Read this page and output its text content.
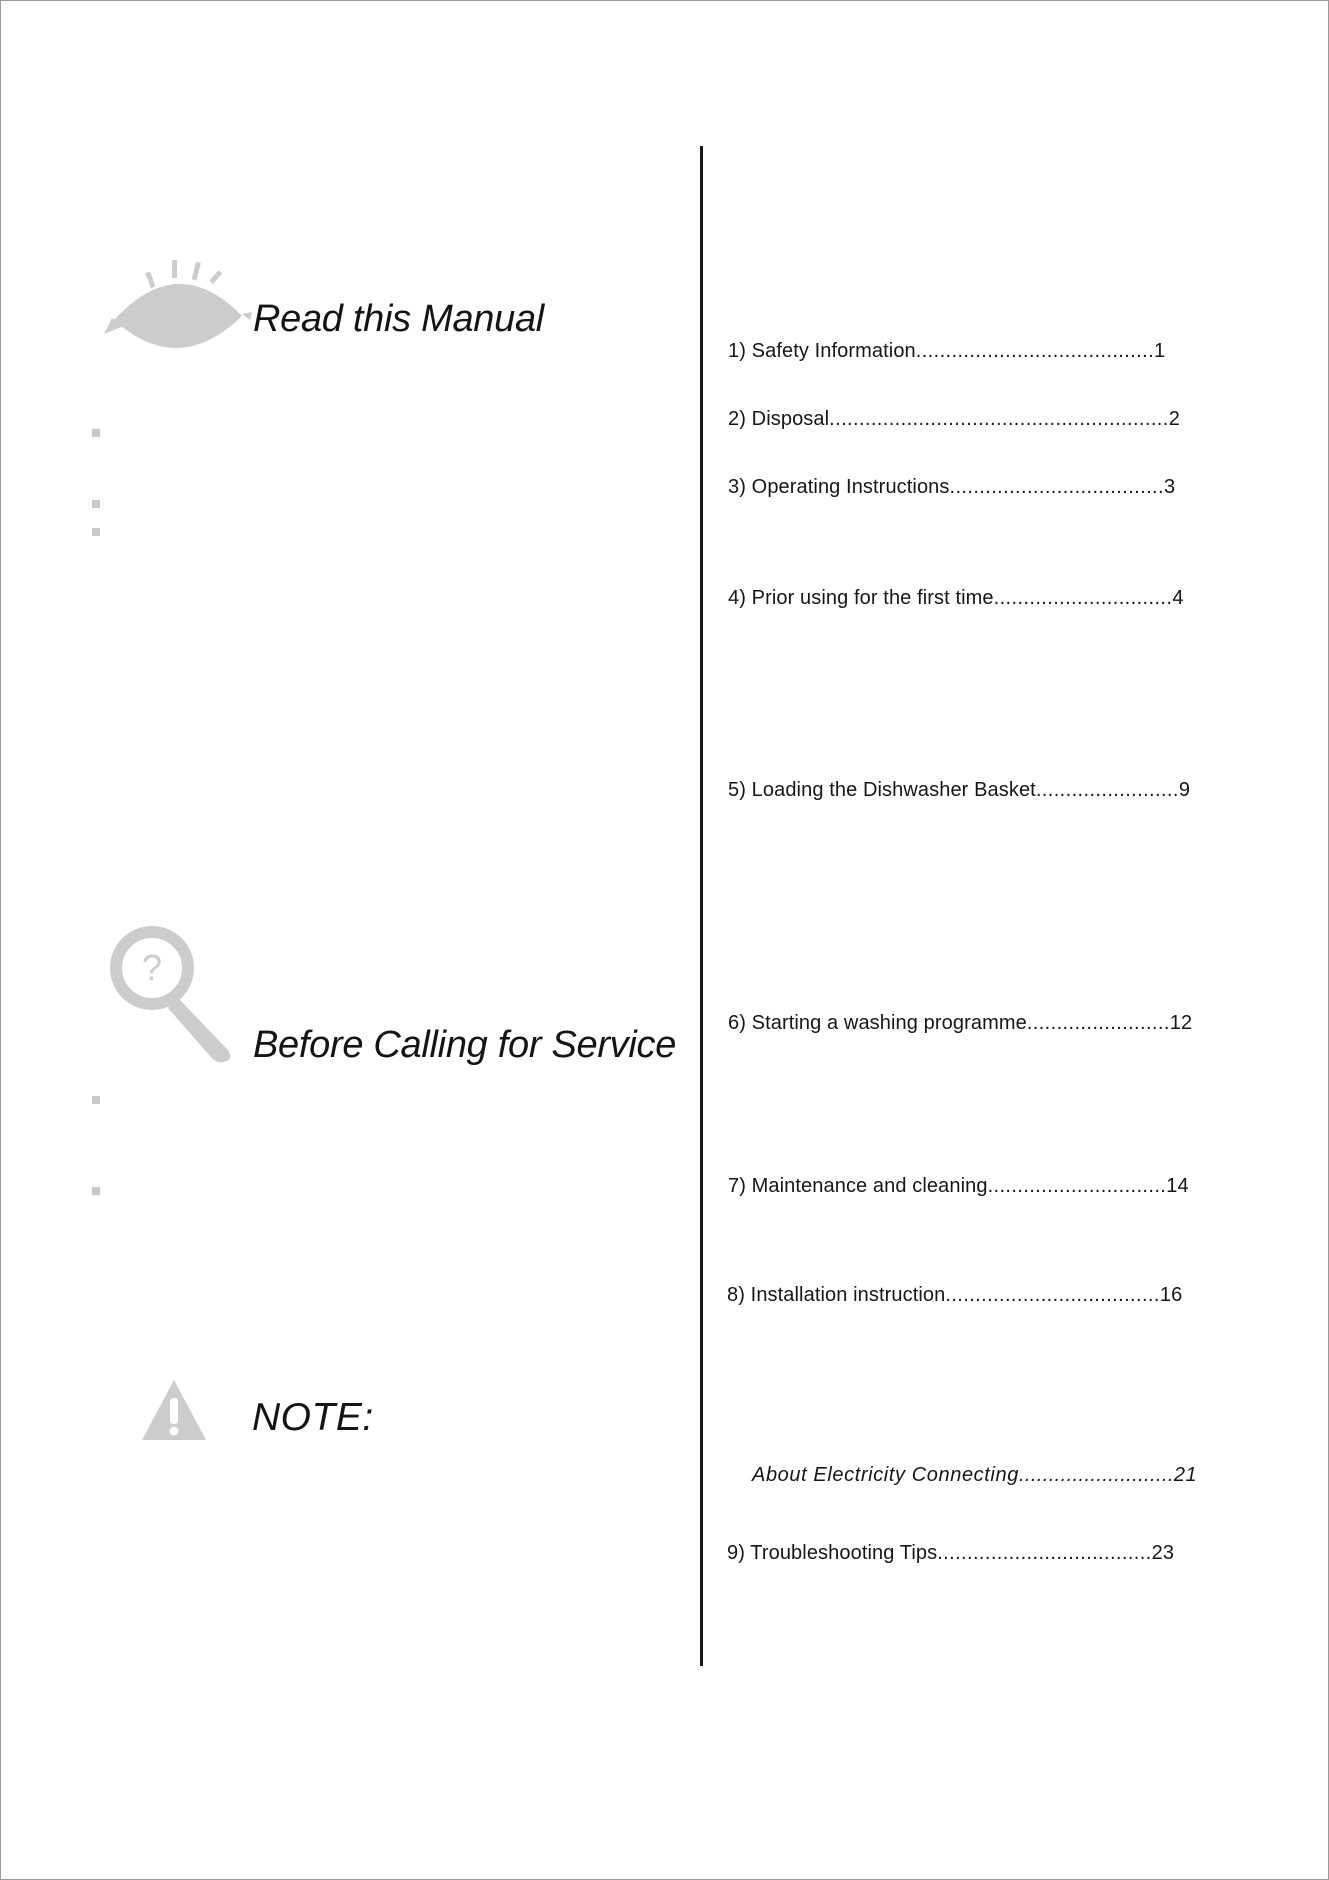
Read this Manual
?
Before Calling for Service
NOTE:
1) Safety Information........................................1
2) Disposal.........................................................2
3) Operating Instructions....................................3
4) Prior using for the first time..............................4
5) Loading the Dishwasher Basket........................9
6) Starting a washing programme........................12
7) Maintenance and cleaning..............................14
8) Installation instruction....................................16
About Electricity Connecting..........................21
9) Troubleshooting Tips....................................23
